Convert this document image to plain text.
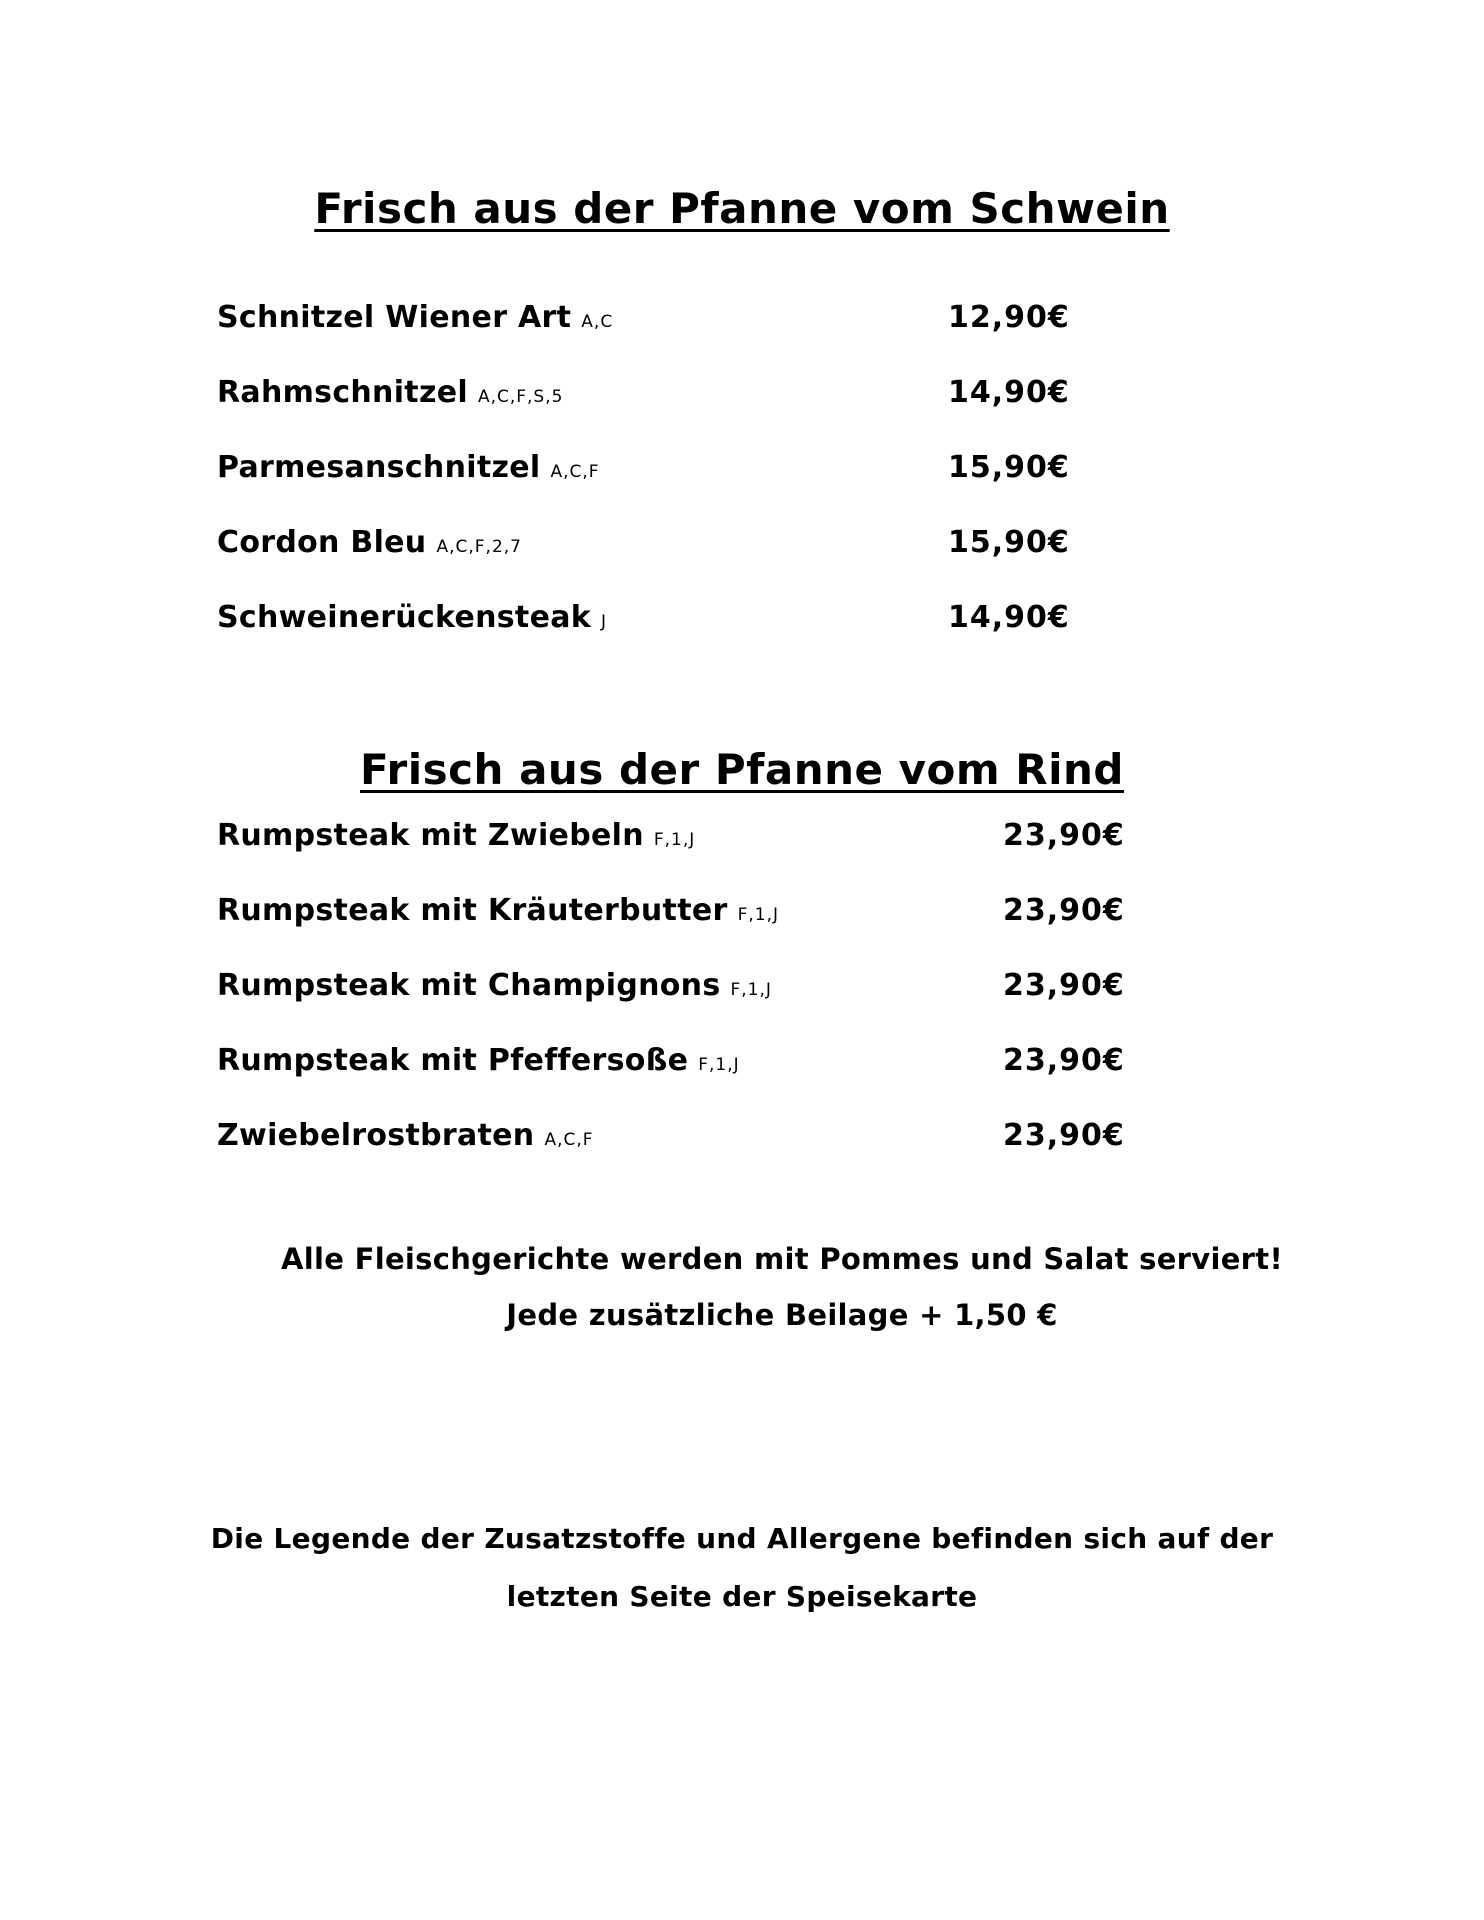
Frisch aus der Pfanne vom Schwein
Schnitzel Wiener Art A,C	12,90€
Rahmschnitzel A,C,F,S,5	14,90€
Parmesanschnitzel A,C,F	15,90€
Cordon Bleu A,C,F,2,7	15,90€
Schweinerückensteak J	14,90€
Frisch aus der Pfanne vom Rind
Rumpsteak mit Zwiebeln F,1,J	23,90€
Rumpsteak mit Kräuterbutter F,1,J	23,90€
Rumpsteak mit Champignons F,1,J	23,90€
Rumpsteak mit Pfeffersoße F,1,J	23,90€
Zwiebelrostbraten A,C,F	23,90€
Alle Fleischgerichte werden mit Pommes und Salat serviert!
Jede zusätzliche Beilage + 1,50 €
Die Legende der Zusatzstoffe und Allergene befinden sich auf der
letzten Seite der Speisekarte
